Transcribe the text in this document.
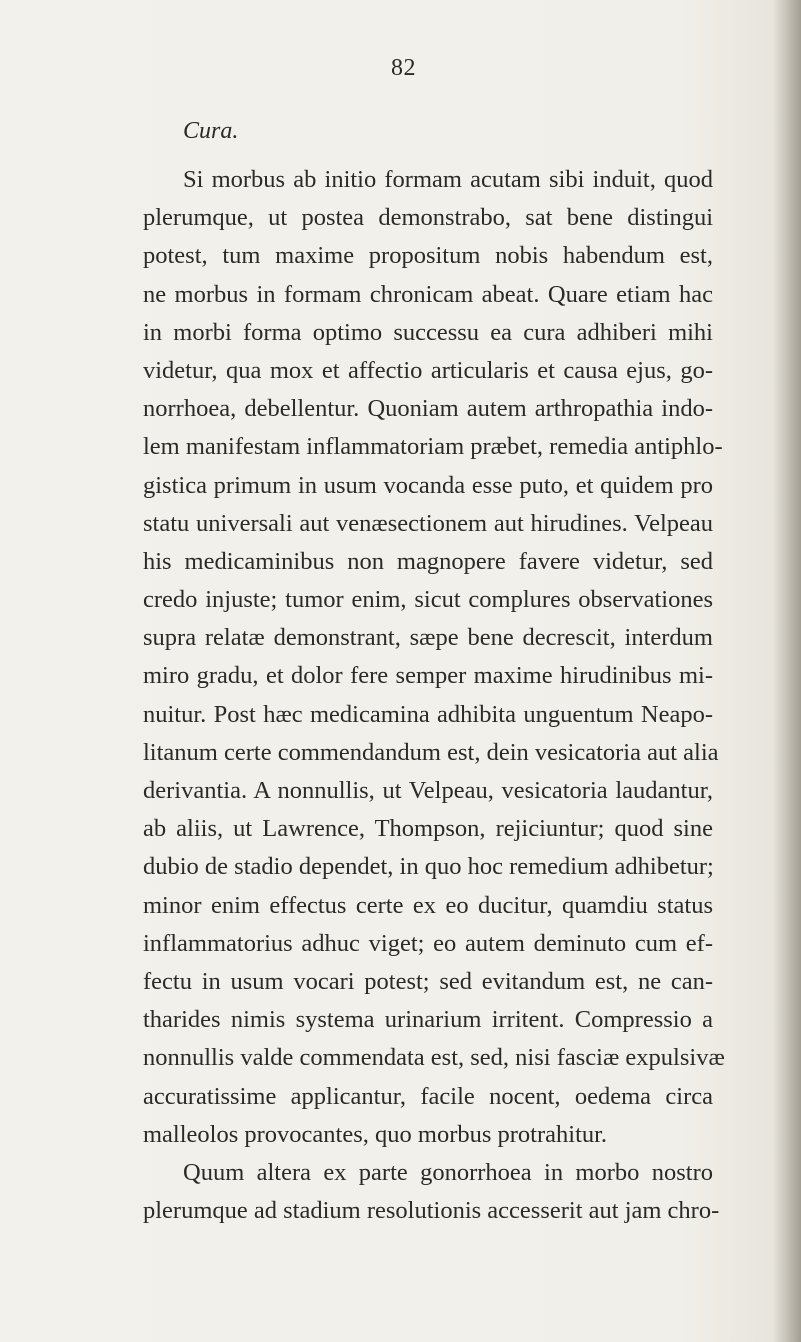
82
Cura.
Si morbus ab initio formam acutam sibi induit, quod
plerumque, ut postea demonstrabo, sat bene distingui
potest, tum maxime propositum nobis habendum est,
ne morbus in formam chronicam abeat. Quare etiam hac
in morbi forma optimo successu ea cura adhiberi mihi
videtur, qua mox et affectio articularis et causa ejus, go-
norrhoea, debellentur. Quoniam autem arthropathia indo-
lem manifestam inflammatoriam præbet, remedia antiphlo-
gistica primum in usum vocanda esse puto, et quidem pro
statu universali aut venæsectionem aut hirudines. Velpeau
his medicaminibus non magnopere favere videtur, sed
credo injuste; tumor enim, sicut complures observationes
supra relatæ demonstrant, sæpe bene decrescit, interdum
miro gradu, et dolor fere semper maxime hirudinibus mi-
nuitur. Post hæc medicamina adhibita unguentum Neapo-
litanum certe commendandum est, dein vesicatoria aut alia
derivantia. A nonnullis, ut Velpeau, vesicatoria laudantur,
ab aliis, ut Lawrence, Thompson, rejiciuntur; quod sine
dubio de stadio dependet, in quo hoc remedium adhibetur;
minor enim effectus certe ex eo ducitur, quamdiu status
inflammatorius adhuc viget; eo autem deminuto cum ef-
fectu in usum vocari potest; sed evitandum est, ne can-
tharides nimis systema urinarium irritent. Compressio a
nonnullis valde commendata est, sed, nisi fasciæ expulsivæ
accuratissime applicantur, facile nocent, oedema circa
malleolos provocantes, quo morbus protrahitur.
Quum altera ex parte gonorrhoea in morbo nostro
plerumque ad stadium resolutionis accesserit aut jam chro-
